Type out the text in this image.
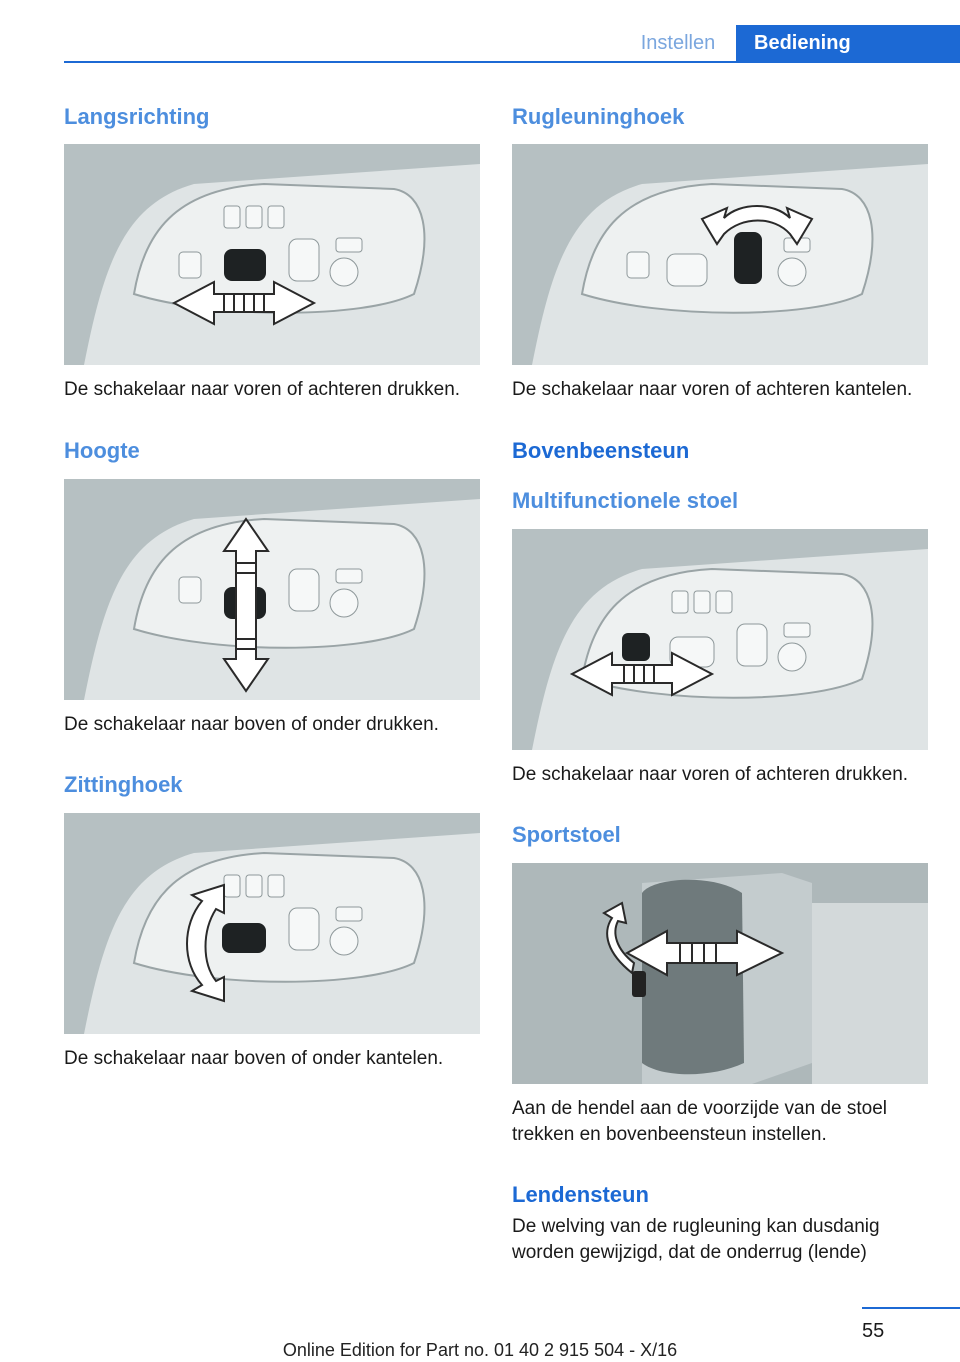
Instellen	Bediening
Langsrichting

De schakelaar naar voren of achteren drukken.

Hoogte

De schakelaar naar boven of onder drukken.

Zittinghoek

De schakelaar naar boven of onder kantelen.

Rugleuninghoek

De schakelaar naar voren of achteren kantelen.

Bovenbeensteun
Multifunctionele stoel

De schakelaar naar voren of achteren drukken.

Sportstoel

Aan de hendel aan de voorzijde van de stoel

trekken en bovenbeensteun instellen.

Lendensteun

De welving van de rugleuning kan dusdanig

worden gewijzigd, dat de onderrug (lende)

55
Online Edition for Part no. 01 40 2 915 504 - X/16
